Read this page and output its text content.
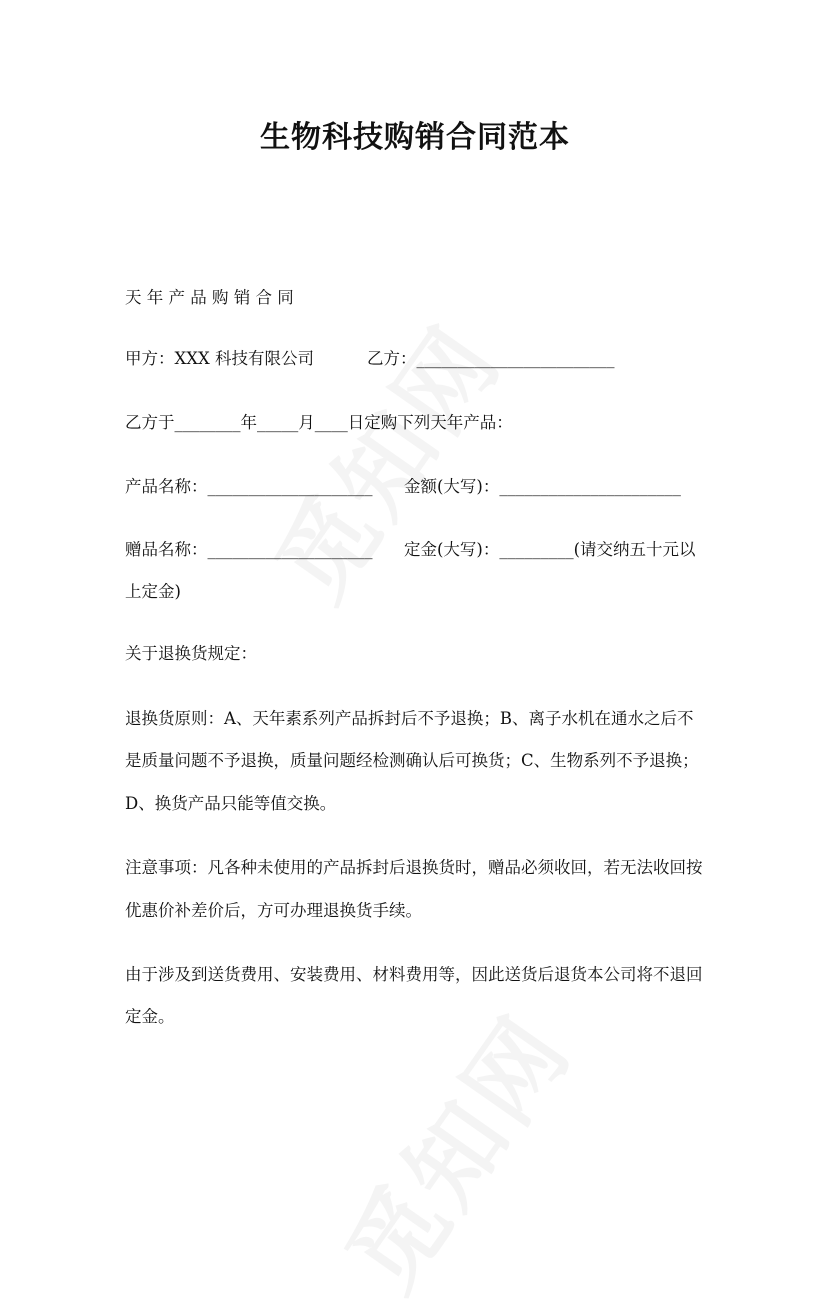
生物科技购销合同范本

天 年 产 品 购 销 合 同

甲方：XXX 科技有限公司	乙方：________________________

乙方于________年_____月____日定购下列天年产品：

产品名称：____________________ 金额(大写)：______________________

赠品名称：____________________ 定金(大写)：_________(请交纳五十元以

上定金)

关于退换货规定：

退换货原则：A、天年素系列产品拆封后不予退换；B、离子水机在通水之后不

是质量问题不予退换，质量问题经检测确认后可换货；C、生物系列不予退换；

D、换货产品只能等值交换。

注意事项：凡各种未使用的产品拆封后退换货时，赠品必须收回，若无法收回按

优惠价补差价后，方可办理退换货手续。

由于涉及到送货费用、安装费用、材料费用等，因此送货后退货本公司将不退回

定金。
